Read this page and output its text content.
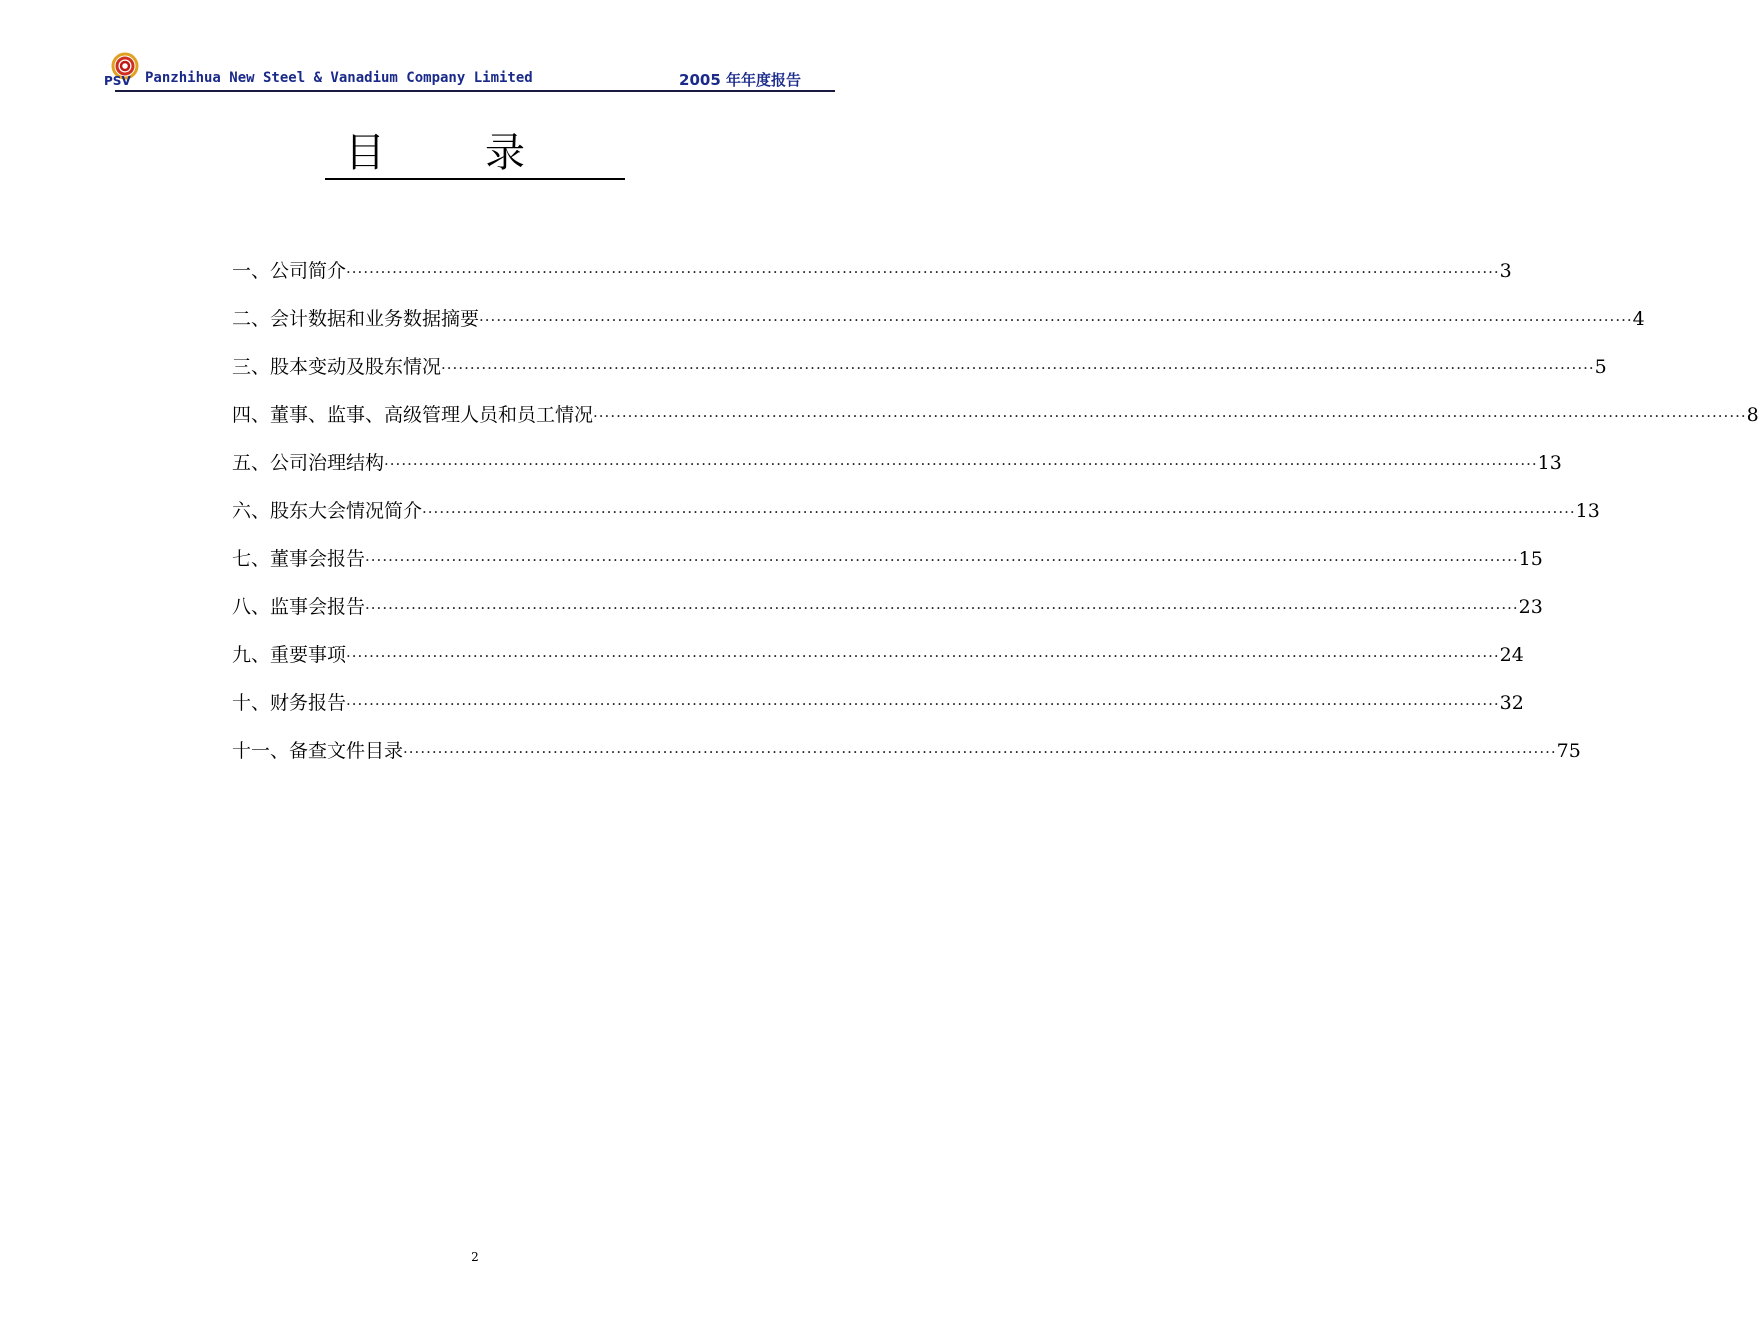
PSV Panzhihua New Steel & Vanadium Company Limited	2005 年年度报告
目录
一、公司简介 ········································································································································································································ 3
二、会计数据和业务数据摘要 ········································································································································································································ 4
三、股本变动及股东情况 ········································································································································································································ 5
四、董事、监事、高级管理人员和员工情况 ········································································································································································································ 8
五、公司治理结构 ········································································································································································································ 13
六、股东大会情况简介 ········································································································································································································ 13
七、董事会报告 ········································································································································································································ 15
八、监事会报告 ········································································································································································································ 23
九、重要事项 ········································································································································································································ 24
十、财务报告 ········································································································································································································ 32
十一、备查文件目录 ········································································································································································································ 75
2
